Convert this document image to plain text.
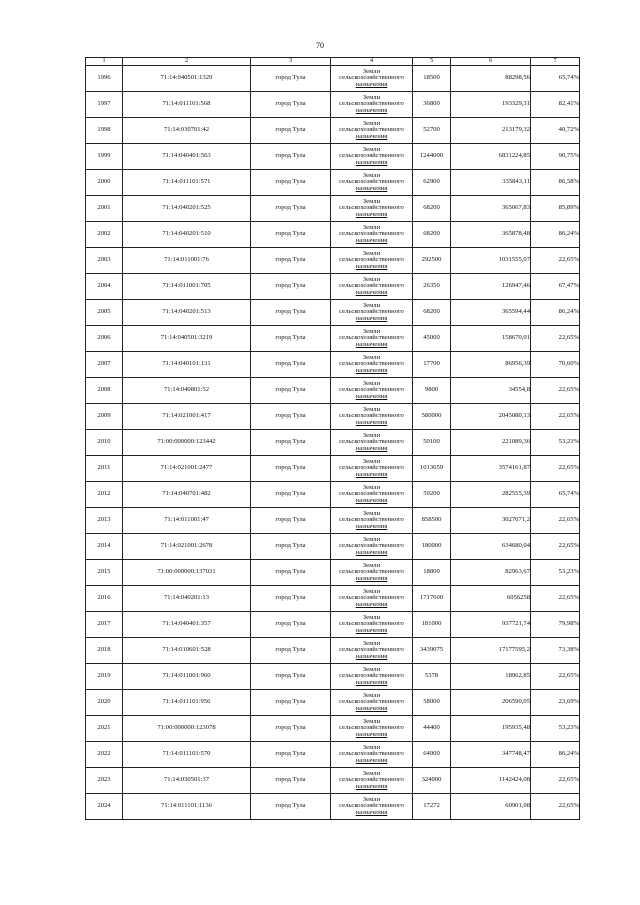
70
1	2	3	4	5	6	7
1996	71:14:040501:1329	город Тула	Земли
сельскохозяйственного
назначения	18500	88298,56	65,74%
1997	71:14:011101:568	город Тула	Земли
сельскохозяйственного
назначения	36800	193329,31	82,41%
1998	71:14:030701:42	город Тула	Земли
сельскохозяйственного
назначения	52700	213179,32	40,72%
1999	71:14:040401:563	город Тула	Земли
сельскохозяйственного
назначения	1244000	6831224,85	90,75%
2000	71:14:011101:571	город Тула	Земли
сельскохозяйственного
назначения	62900	335843,11	86,58%
2001	71:14:040201:525	город Тула	Земли
сельскохозяйственного
назначения	68200	365067,83	85,89%
2002	71:14:040201:510	город Тула	Земли
сельскохозяйственного
назначения	68200	365878,48	86,24%
2003	71:14:011001:76	город Тула	Земли
сельскохозяйственного
назначения	292500	1031555,07	22,65%
2004	71:14:011001:705	город Тула	Земли
сельскохозяйственного
назначения	26350	126947,46	67,47%
2005	71:14:040201:513	город Тула	Земли
сельскохозяйственного
назначения	68200	365594,44	86,24%
2006	71:14:040501:3219	город Тула	Земли
сельскохозяйственного
назначения	45000	158670,01	22,65%
2007	71:14:040101:131	город Тула	Земли
сельскохозяйственного
назначения	17700	86956,39	70,60%
2008	71:14:040801:52	город Тула	Земли
сельскохозяйственного
назначения	9800	34554,8	22,65%
2009	71:14:021001:417	город Тула	Земли
сельскохозяйственного
назначения	580000	2045080,13	22,65%
2010	71:00:000000:123442	город Тула	Земли
сельскохозяйственного
назначения	50100	221089,36	53,23%
2011	71:14:021001:2477	город Тула	Земли
сельскохозяйственного
назначения	1013659	3574161,87	22,65%
2012	71:14:040701:482	город Тула	Земли
сельскохозяйственного
назначения	59200	282555,39	65,74%
2013	71:14:011001:47	город Тула	Земли
сельскохозяйственного
назначения	858500	3027071,2	22,65%
2014	71:14:021001:2678	город Тула	Земли
сельскохозяйственного
назначения	180000	634680,04	22,65%
2015	71:00:000000:137031	город Тула	Земли
сельскохозяйственного
назначения	18800	82963,67	53,23%
2016	71:14:040201:13	город Тула	Земли
сельскохозяйственного
назначения	1717600	6056258	22,65%
2017	71:14:040401:357	город Тула	Земли
сельскохозяйственного
назначения	181000	937721,74	79,98%
2018	71:14:010601:528	город Тула	Земли
сельскохозяйственного
назначения	3439075	17177595,2	73,38%
2019	71:14:011001:960	город Тула	Земли
сельскохозяйственного
назначения	5378	18962,85	22,65%
2020	71:14:011101:956	город Тула	Земли
сельскохозяйственного
назначения	58000	206590,05	23,69%
2021	71:00:000000:123078	город Тула	Земли
сельскохозяйственного
назначения	44400	195935,48	53,23%
2022	71:14:011101:570	город Тула	Земли
сельскохозяйственного
назначения	64900	347748,47	86,24%
2023	71:14:030501:37	город Тула	Земли
сельскохозяйственного
назначения	324000	1142424,08	22,65%
2024	71:14:011101:1136	город Тула	Земли
сельскохозяйственного
назначения	17272	60901,08	22,65%
